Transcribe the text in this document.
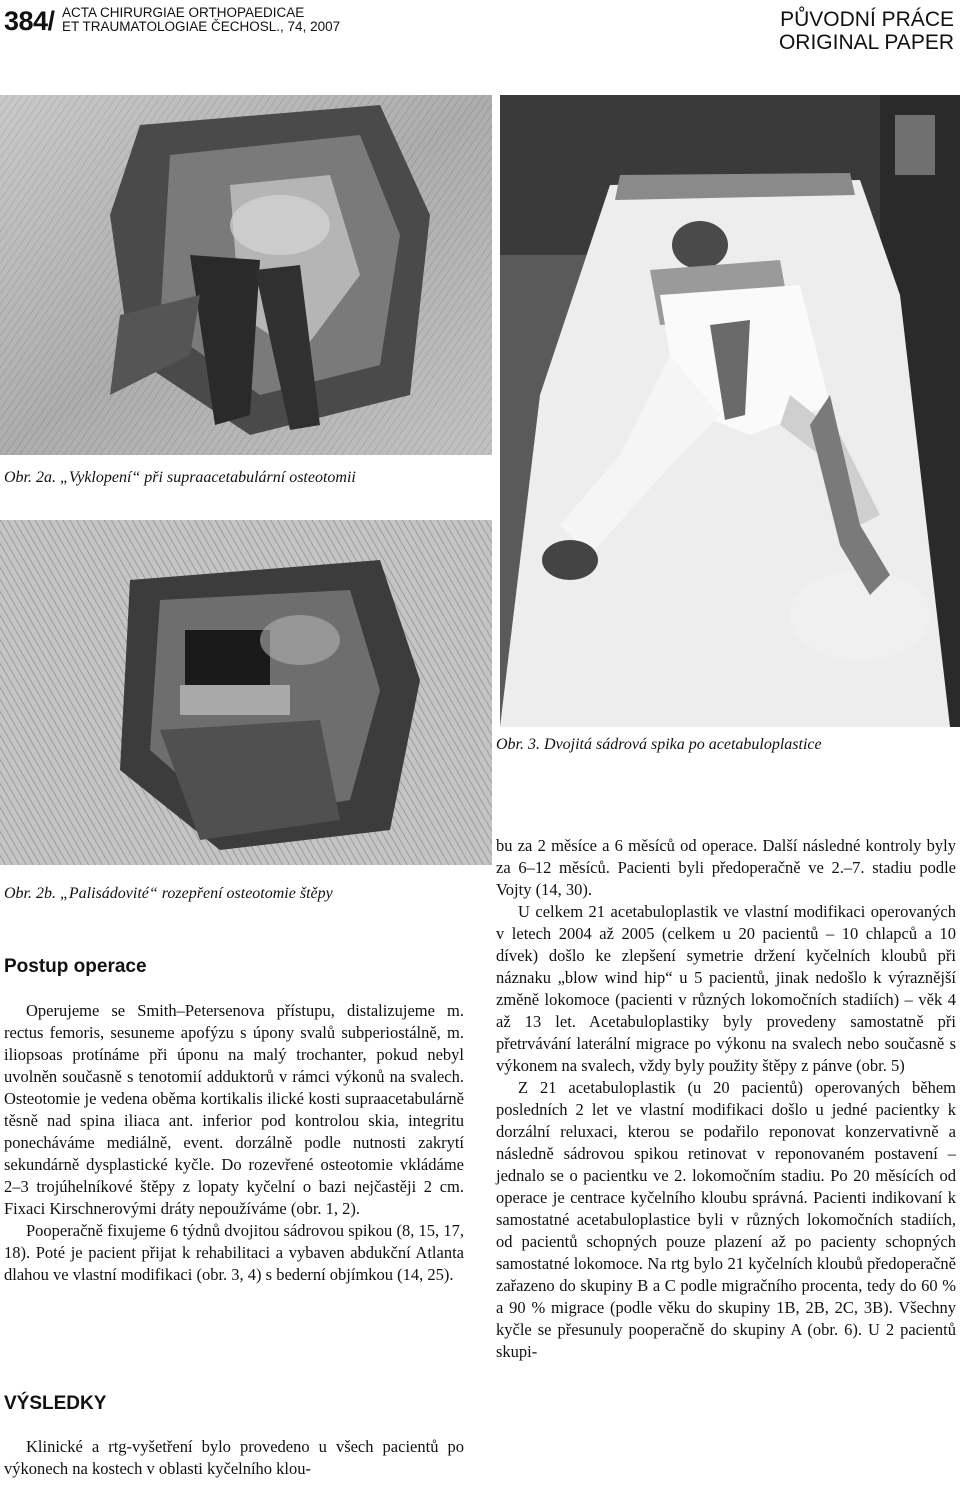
384/ ACTA CHIRURGIAE ORTHOPAEDICAE
ET TRAUMATOLOGIAE ČECHOSL., 74, 2007	PŮVODNÍ PRÁCE
ORIGINAL PAPER
Obr. 2a. „Vyklopení“ při supraacetabulární osteotomii
Obr. 2b. „Palisádovité“ rozepření osteotomie štěpy
Obr. 3. Dvojitá sádrová spika po acetabuloplastice
Postup operace

Operujeme se Smith–Petersenova přístupu, distalizujeme m. rectus femoris, sesuneme apofýzu s úpony svalů subperiostálně, m. iliopsoas protínáme při úponu na malý trochanter, pokud nebyl uvolněn současně s tenotomií adduktorů v rámci výkonů na svalech. Osteotomie je vedena oběma kortikalis ilické kosti supraacetabulárně těsně nad spina iliaca ant. inferior pod kontrolou skia, integritu ponecháváme mediálně, event. dorzálně podle nutnosti zakrytí sekundárně dysplastické kyčle. Do rozevřené osteotomie vkládáme 2–3 trojúhelníkové štěpy z lopaty kyčelní o bazi nejčastěji 2 cm. Fixaci Kirschnerovými dráty nepoužíváme (obr. 1, 2).

Pooperačně fixujeme 6 týdnů dvojitou sádrovou spikou (8, 15, 17, 18). Poté je pacient přijat k rehabilitaci a vybaven abdukční Atlanta dlahou ve vlastní modifikaci (obr. 3, 4) s bederní objímkou (14, 25).

VÝSLEDKY

Klinické a rtg-vyšetření bylo provedeno u všech pacientů po výkonech na kostech v oblasti kyčelního klou-

bu za 2 měsíce a 6 měsíců od operace. Další následné kontroly byly za 6–12 měsíců. Pacienti byli předoperačně ve 2.–7. stadiu podle Vojty (14, 30).

U celkem 21 acetabuloplastik ve vlastní modifikaci operovaných v letech 2004 až 2005 (celkem u 20 pacientů – 10 chlapců a 10 dívek) došlo ke zlepšení symetrie držení kyčelních kloubů při náznaku „blow wind hip“ u 5 pacientů, jinak nedošlo k výraznější změně lokomoce (pacienti v různých lokomočních stadiích) – věk 4 až 13 let. Acetabuloplastiky byly provedeny samostatně při přetrvávání laterální migrace po výkonu na svalech nebo současně s výkonem na svalech, vždy byly použity štěpy z pánve (obr. 5)

Z 21 acetabuloplastik (u 20 pacientů) operovaných během posledních 2 let ve vlastní modifikaci došlo u jedné pacientky k dorzální reluxaci, kterou se podařilo reponovat konzervativně a následně sádrovou spikou retinovat v reponovaném postavení – jednalo se o pacientku ve 2. lokomočním stadiu. Po 20 měsících od operace je centrace kyčelního kloubu správná. Pacienti indikovaní k samostatné acetabuloplastice byli v různých lokomočních stadiích, od pacientů schopných pouze plazení až po pacienty schopných samostatné lokomoce. Na rtg bylo 21 kyčelních kloubů předoperačně zařazeno do skupiny B a C podle migračního procenta, tedy do 60 % a 90 % migrace (podle věku do skupiny 1B, 2B, 2C, 3B). Všechny kyčle se přesunuly pooperačně do skupiny A (obr. 6). U 2 pacientů skupi-
